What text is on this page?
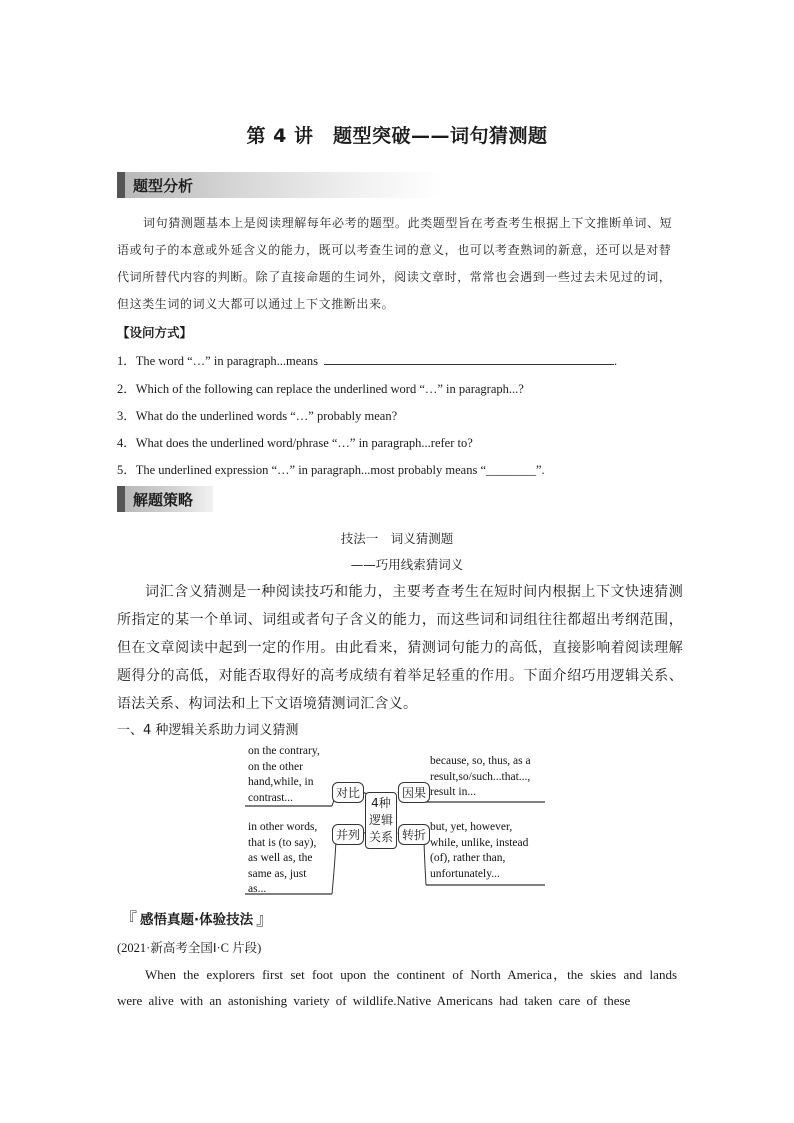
第 4 讲　题型突破——词句猜测题
题型分析
词句猜测题基本上是阅读理解每年必考的题型。此类题型旨在考查考生根据上下文推断单词、短语或句子的本意或外延含义的能力，既可以考查生词的意义，也可以考查熟词的新意，还可以是对替代词所替代内容的判断。除了直接命题的生词外，阅读文章时，常常也会遇到一些过去未见过的词，但这类生词的词义大都可以通过上下文推断出来。
【设问方式】
1．The word “…” in paragraph...means	.
2．Which of the following can replace the underlined word “…” in paragraph...?
3．What do the underlined words “…” probably mean?
4．What does the underlined word/phrase “…” in paragraph...refer to?
5．The underlined expression “…” in paragraph...most probably means “________”.
解题策略
技法一　词义猜测题
——巧用线索猜词义
词汇含义猜测是一种阅读技巧和能力，主要考查考生在短时间内根据上下文快速猜测所指定的某一个单词、词组或者句子含义的能力，而这些词和词组往往都超出考纲范围，但在文章阅读中起到一定的作用。由此看来，猜测词句能力的高低，直接影响着阅读理解题得分的高低，对能否取得好的高考成绩有着举足轻重的作用。下面介绍巧用逻辑关系、语法关系、构词法和上下文语境猜测词汇含义。
一、4 种逻辑关系助力词义猜测
on the contrary,
on the other
hand,while, in
contrast...	对比
in other words,
that is (to say),
as well as, the
same as, just
as...
并列
4种
逻辑
关系
因果
because, so, thus, as a
result,so/such...that...,
result in...
转折
but, yet, however,
while, unlike, instead
(of), rather than,
unfortunately...
『 感悟真题·体验技法 』
(2021·新高考全国Ⅰ·C 片段)
When the explorers first set foot upon the continent of North America，the skies and lands were alive with an astonishing variety of wildlife.Native Americans had taken care of these
